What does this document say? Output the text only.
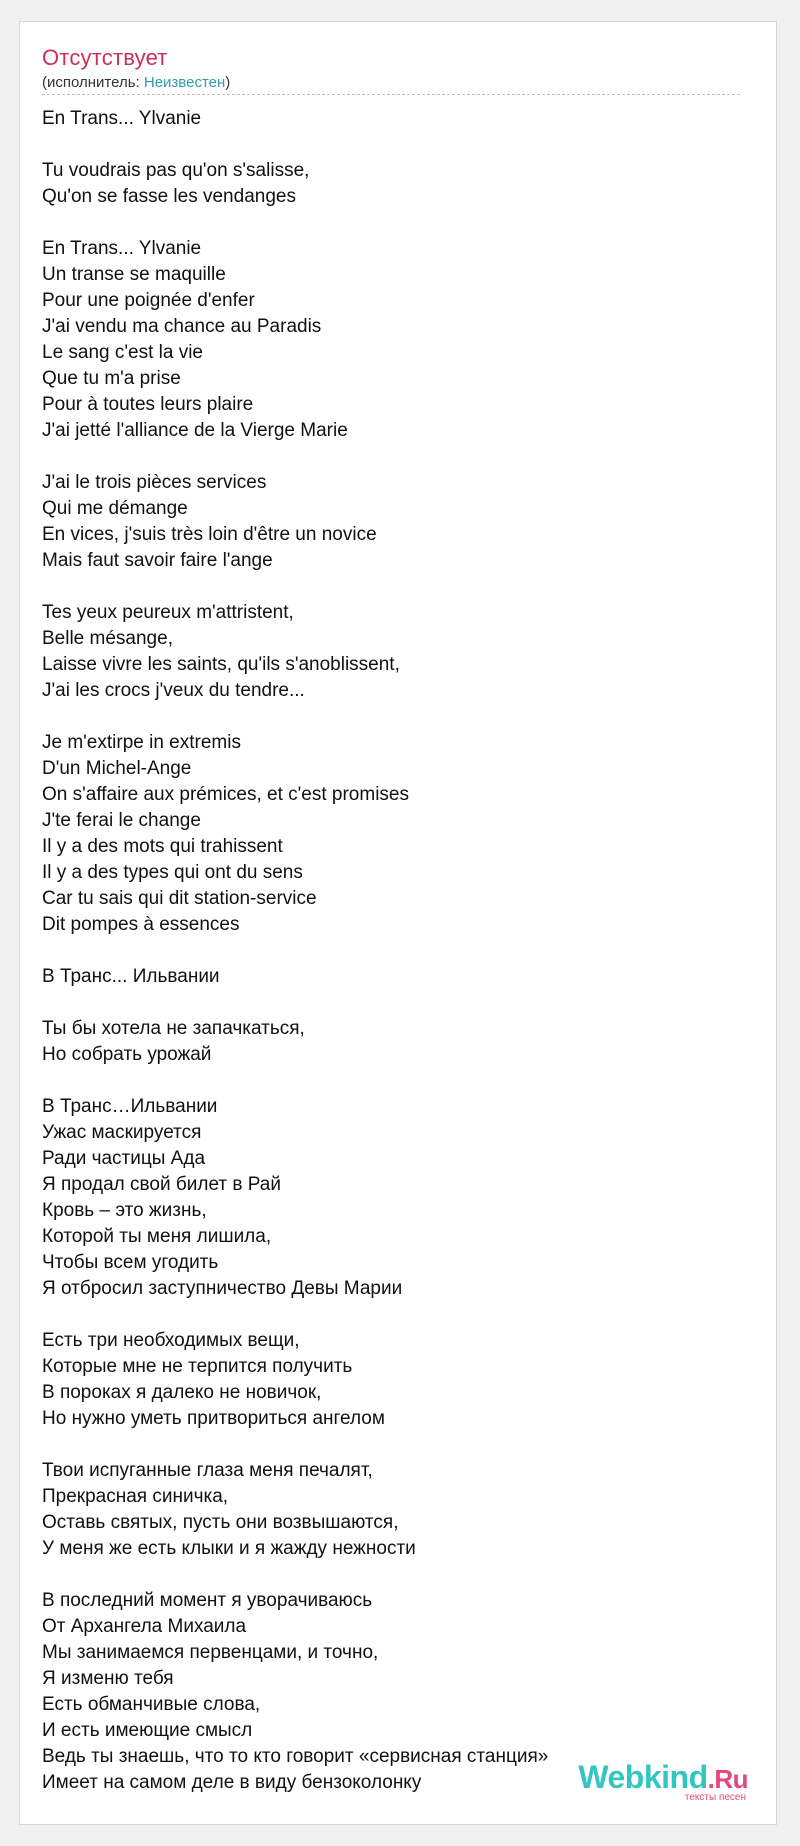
Отсутствует
(исполнитель: Неизвестен)
En Trans... Ylvanie
Tu voudrais pas qu'on s'salisse,
Qu'on se fasse les vendanges
En Trans... Ylvanie
Un transe se maquille
Pour une poignée d'enfer
J'ai vendu ma chance au Paradis
Le sang c'est la vie
Que tu m'a prise
Pour à toutes leurs plaire
J'ai jetté l'alliance de la Vierge Marie
J'ai le trois pièces services
Qui me démange
En vices, j'suis très loin d'être un novice
Mais faut savoir faire l'ange
Tes yeux peureux m'attristent,
Belle mésange,
Laisse vivre les saints, qu'ils s'anoblissent,
J'ai les crocs j'veux du tendre...
Je m'extirpe in extremis
D'un Michel-Ange
On s'affaire aux prémices, et c'est promises
J'te ferai le change
Il y a des mots qui trahissent
Il y a des types qui ont du sens
Car tu sais qui dit station-service
Dit pompes à essences
В Транс... Ильвании
Ты бы хотела не запачкаться,
Но собрать урожай
В Транс…Ильвании
Ужас маскируется
Ради частицы Ада
Я продал свой билет в Рай
Кровь – это жизнь,
Которой ты меня лишила,
Чтобы всем угодить
Я отбросил заступничество Девы Марии
Есть три необходимых вещи,
Которые мне не терпится получить
В пороках я далеко не новичок,
Но нужно уметь притвориться ангелом
Твои испуганные глаза меня печалят,
Прекрасная синичка,
Оставь святых, пусть они возвышаются,
У меня же есть клыки и я жажду нежности
В последний момент я уворачиваюсь
От Архангела Михаила
Мы занимаемся первенцами, и точно,
Я изменю тебя
Есть обманчивые слова,
И есть имеющие смысл
Ведь ты знаешь, что то кто говорит «сервисная станция»
Имеет на самом деле в виду бензоколонку	Webkind.Ru
тексты песен
